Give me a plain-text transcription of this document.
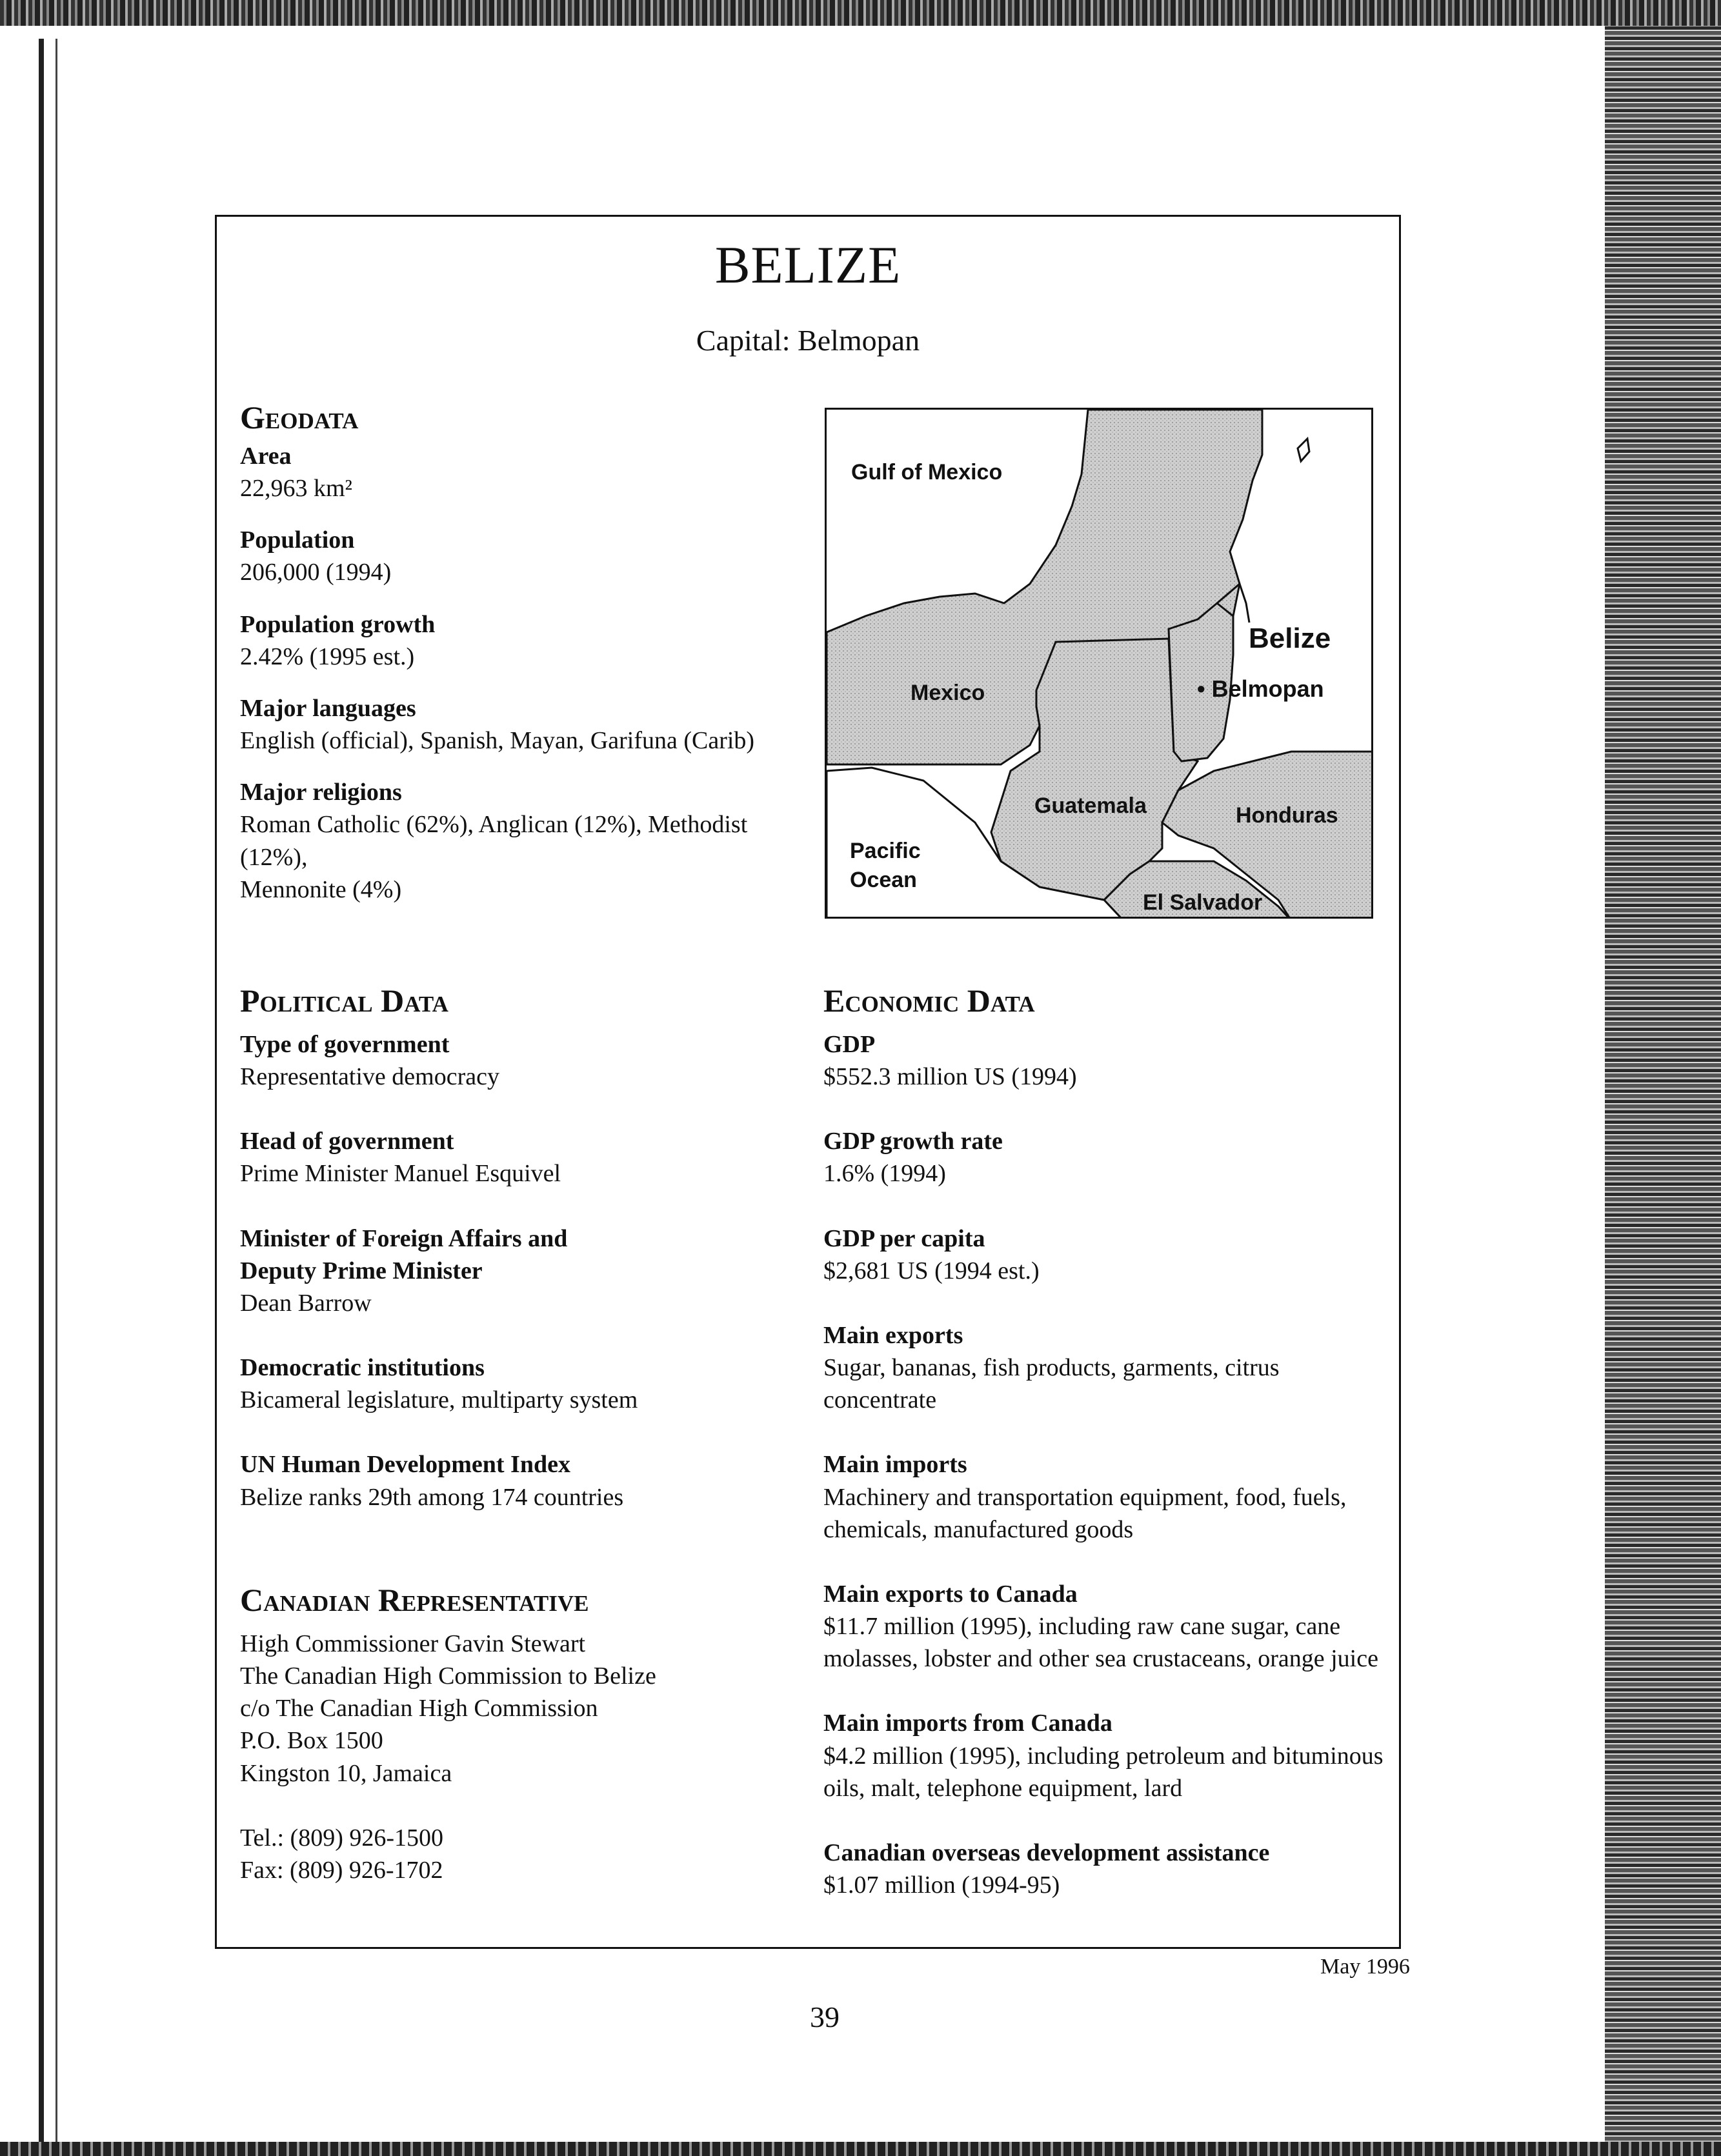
BELIZE
Capital: Belmopan
Geodata
Area
22,963 km²
Population
206,000 (1994)
Population growth
2.42% (1995 est.)
Major languages
English (official), Spanish, Mayan, Garifuna (Carib)
Major religions
Roman Catholic (62%), Anglican (12%), Methodist (12%),
Mennonite (4%)
Gulf of Mexico
Belize
• Belmopan
Mexico
Guatemala	Honduras
Pacific
Ocean
El Salvador
Political Data
Type of government
Representative democracy
Head of government
Prime Minister Manuel Esquivel
Minister of Foreign Affairs and
Deputy Prime Minister
Dean Barrow
Democratic institutions
Bicameral legislature, multiparty system
UN Human Development Index
Belize ranks 29th among 174 countries
Canadian Representative
High Commissioner Gavin Stewart
The Canadian High Commission to Belize
c/o The Canadian High Commission
P.O. Box 1500
Kingston 10, Jamaica
Tel.: (809) 926-1500
Fax: (809) 926-1702
Economic Data
GDP
$552.3 million US (1994)
GDP growth rate
1.6% (1994)
GDP per capita
$2,681 US (1994 est.)
Main exports
Sugar, bananas, fish products, garments, citrus concentrate
Main imports
Machinery and transportation equipment, food, fuels,
chemicals, manufactured goods
Main exports to Canada
$11.7 million (1995), including raw cane sugar, cane
molasses, lobster and other sea crustaceans, orange juice
Main imports from Canada
$4.2 million (1995), including petroleum and bituminous
oils, malt, telephone equipment, lard
Canadian overseas development assistance
$1.07 million (1994-95)
May 1996
39
